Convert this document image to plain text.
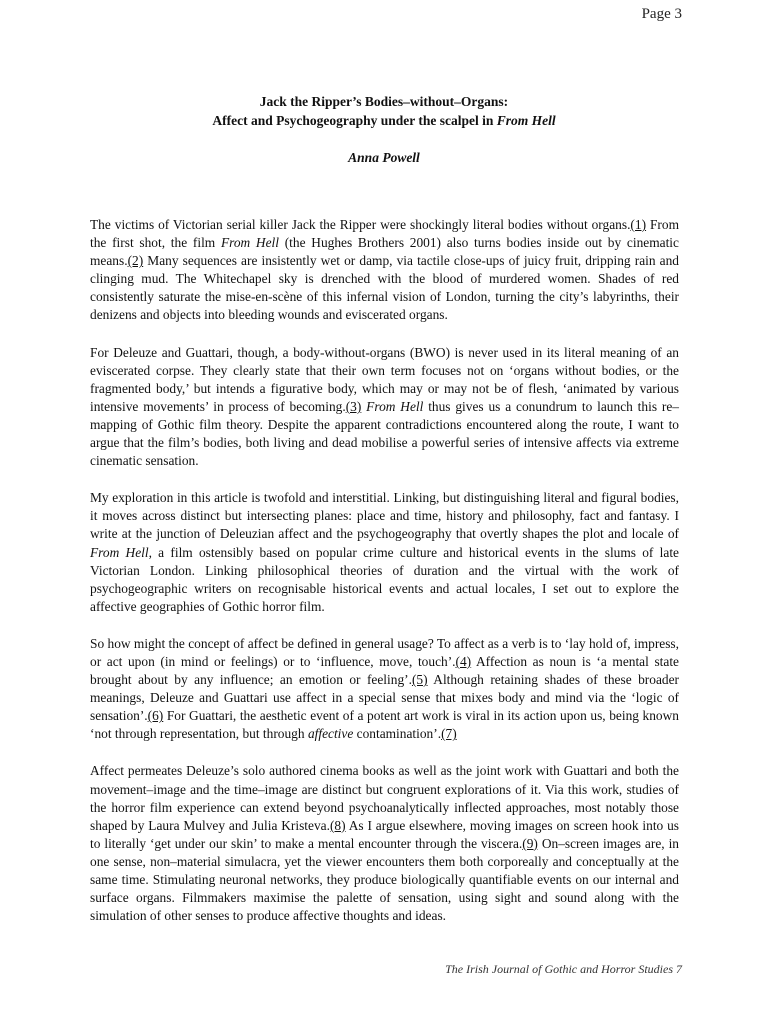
Page 3
Jack the Ripper’s Bodies–without–Organs:
Affect and Psychogeography under the scalpel in From Hell
Anna Powell

The victims of Victorian serial killer Jack the Ripper were shockingly literal bodies without organs.(1) From the first shot, the film From Hell (the Hughes Brothers 2001) also turns bodies inside out by cinematic means.(2) Many sequences are insistently wet or damp, via tactile close-ups of juicy fruit, dripping rain and clinging mud. The Whitechapel sky is drenched with the blood of murdered women. Shades of red consistently saturate the mise-en-scène of this infernal vision of London, turning the city’s labyrinths, their denizens and objects into bleeding wounds and eviscerated organs.

For Deleuze and Guattari, though, a body-without-organs (BWO) is never used in its literal meaning of an eviscerated corpse. They clearly state that their own term focuses not on ‘organs without bodies, or the fragmented body,’ but intends a figurative body, which may or may not be of flesh, ‘animated by various intensive movements’ in process of becoming.(3) From Hell thus gives us a conundrum to launch this re–mapping of Gothic film theory. Despite the apparent contradictions encountered along the route, I want to argue that the film’s bodies, both living and dead mobilise a powerful series of intensive affects via extreme cinematic sensation.

My exploration in this article is twofold and interstitial. Linking, but distinguishing literal and figural bodies, it moves across distinct but intersecting planes: place and time, history and philosophy, fact and fantasy. I write at the junction of Deleuzian affect and the psychogeography that overtly shapes the plot and locale of From Hell, a film ostensibly based on popular crime culture and historical events in the slums of late Victorian London. Linking philosophical theories of duration and the virtual with the work of psychogeographic writers on recognisable historical events and actual locales, I set out to explore the affective geographies of Gothic horror film.

So how might the concept of affect be defined in general usage? To affect as a verb is to ‘lay hold of, impress, or act upon (in mind or feelings) or to ‘influence, move, touch’.(4) Affection as noun is ‘a mental state brought about by any influence; an emotion or feeling’.(5) Although retaining shades of these broader meanings, Deleuze and Guattari use affect in a special sense that mixes body and mind via the ‘logic of sensation’.(6) For Guattari, the aesthetic event of a potent art work is viral in its action upon us, being known ‘not through representation, but through affective contamination’.(7)

Affect permeates Deleuze’s solo authored cinema books as well as the joint work with Guattari and both the movement–image and the time–image are distinct but congruent explorations of it. Via this work, studies of the horror film experience can extend beyond psychoanalytically inflected approaches, most notably those shaped by Laura Mulvey and Julia Kristeva.(8) As I argue elsewhere, moving images on screen hook into us to literally ‘get under our skin’ to make a mental encounter through the viscera.(9) On–screen images are, in one sense, non–material simulacra, yet the viewer encounters them both corporeally and conceptually at the same time. Stimulating neuronal networks, they produce biologically quantifiable events on our internal and surface organs. Filmmakers maximise the palette of sensation, using sight and sound along with the simulation of other senses to produce affective thoughts and ideas.

The Irish Journal of Gothic and Horror Studies 7
